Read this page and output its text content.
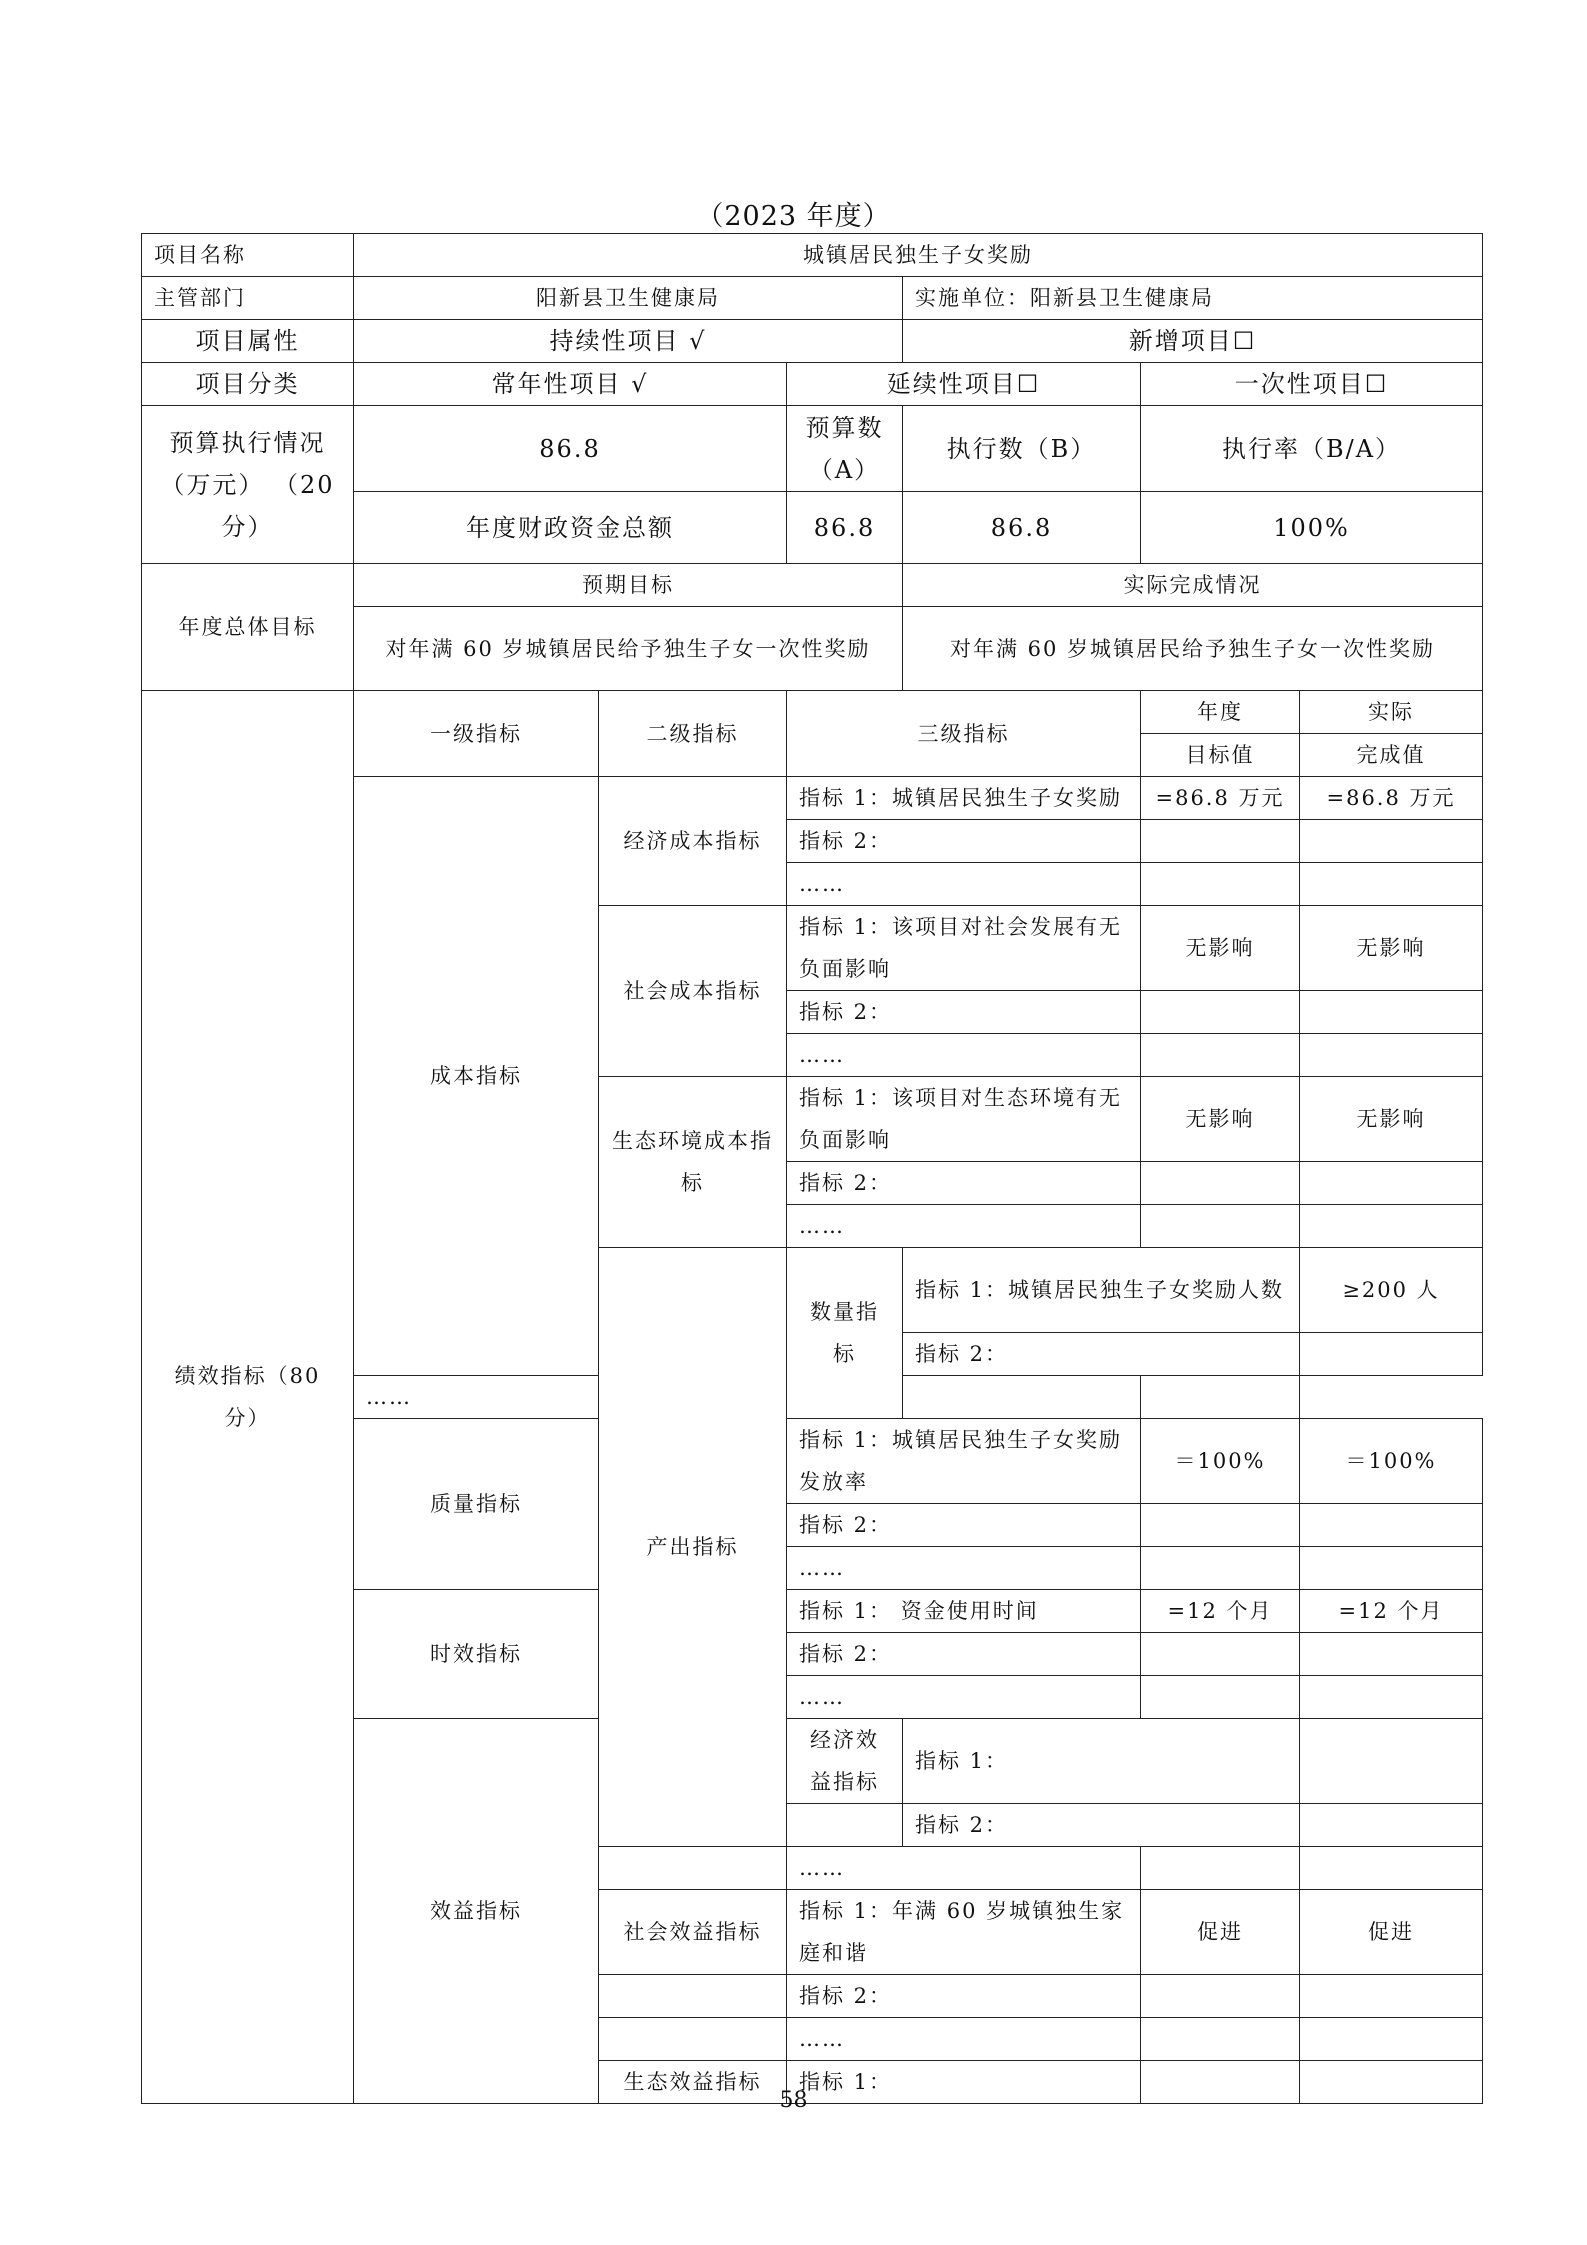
（2023 年度）
项目名称	城镇居民独生子女奖励						
主管部门	阳新县卫生健康局			实施单位：阳新县卫生健康局			
项目属性	持续性项目 √			新增项目☐			
项目分类	常年性项目 √		延续性项目☐		一次性项目☐		
预算执行情况（万元） （20 分）	86.8		预算数（A）	执行数（B）	执行率（B/A）		
	年度财政资金总额		86.8	86.8	100%		
年度总体目标	预期目标			实际完成情况			
	对年满 60 岁城镇居民给予独生子女一次性奖励			对年满 60 岁城镇居民给予独生子女一次性奖励			
绩效指标（80 分）	一级指标	二级指标	三级指标		年度	实际	
					目标值	完成值	
	成本指标	经济成本指标	指标 1：城镇居民独生子女奖励		=86.8 万元	=86.8 万元	
			指标 2：				
			……				
		社会成本指标	指标 1：该项目对社会发展有无负面影响		无影响	无影响	
			指标 2：				
			……				
		生态环境成本指标	指标 1：该项目对生态环境有无负面影响		无影响	无影响	
			指标 2：				
			……				
		产出指标	数量指标	指标 1：城镇居民独生子女奖励人数		≥200 人	
				指标 2：			
	……						
	质量指标		指标 1：城镇居民独生子女奖励发放率		＝100%	＝100%	
			指标 2：				
			……				
	时效指标		指标 1： 资金使用时间		=12 个月	=12 个月	
			指标 2：				
			……				
	效益指标		经济效益指标	指标 1：			
				指标 2：			
			……				
		社会效益指标	指标 1：年满 60 岁城镇独生家庭和谐		促进	促进	
			指标 2：				
			……				
		生态效益指标	指标 1：				
58
